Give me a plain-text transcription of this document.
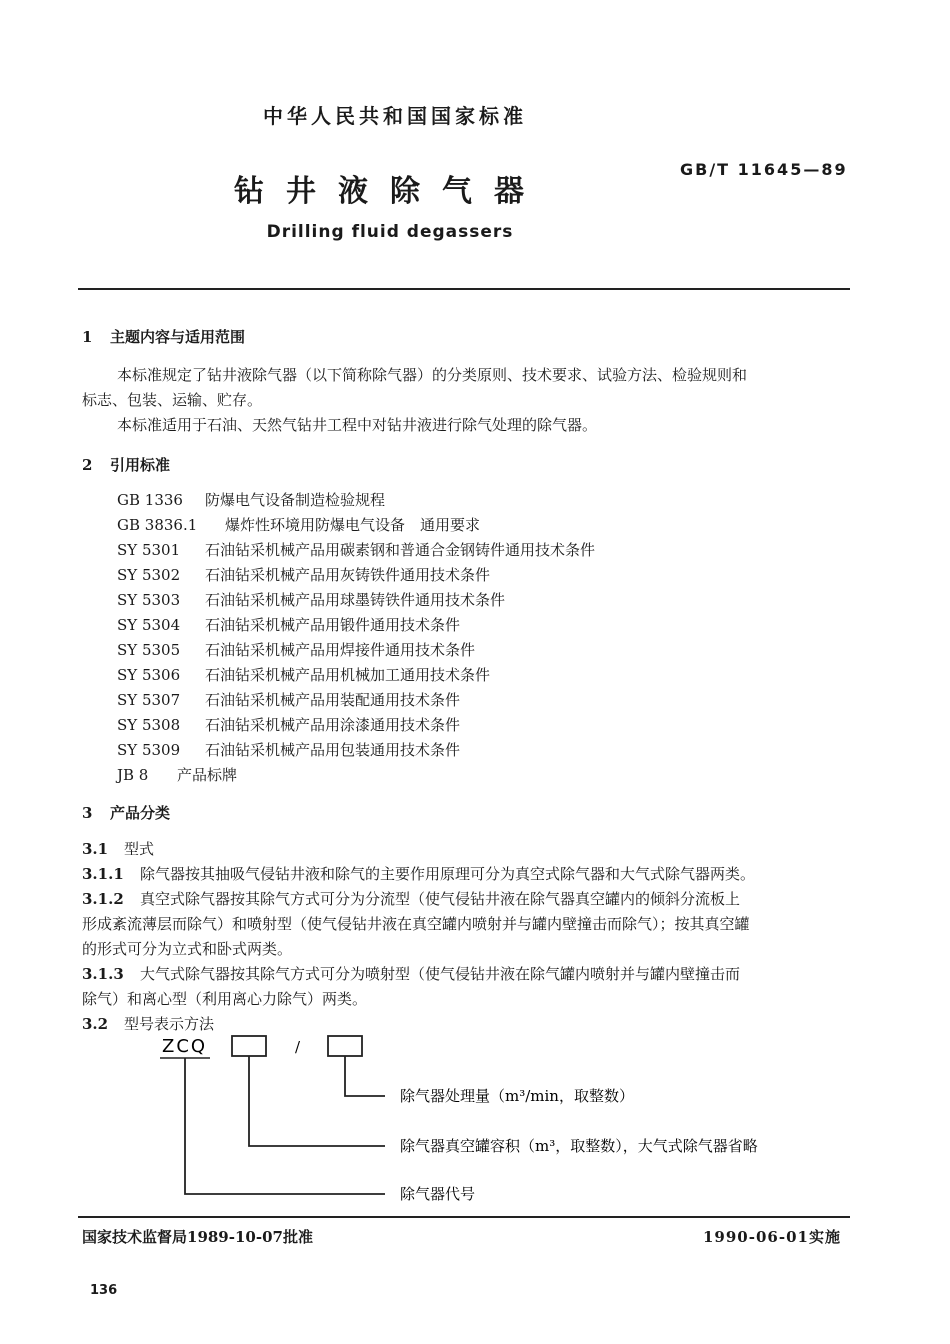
中华人民共和国国家标准
GB/T 11645—89
钻井液除气器
Drilling fluid degassers
1 主题内容与适用范围
本标准规定了钻井液除气器（以下简称除气器）的分类原则、技术要求、试验方法、检验规则和
标志、包装、运输、贮存。
本标准适用于石油、天然气钻井工程中对钻井液进行除气处理的除气器。
2 引用标准
GB 1336 防爆电气设备制造检验规程
GB 3836.1 爆炸性环境用防爆电气设备　通用要求
SY 5301 石油钻采机械产品用碳素钢和普通合金钢铸件通用技术条件
SY 5302 石油钻采机械产品用灰铸铁件通用技术条件
SY 5303 石油钻采机械产品用球墨铸铁件通用技术条件
SY 5304 石油钻采机械产品用锻件通用技术条件
SY 5305 石油钻采机械产品用焊接件通用技术条件
SY 5306 石油钻采机械产品用机械加工通用技术条件
SY 5307 石油钻采机械产品用装配通用技术条件
SY 5308 石油钻采机械产品用涂漆通用技术条件
SY 5309 石油钻采机械产品用包装通用技术条件
JB 8 产品标牌
3 产品分类
3.1 型式
3.1.1 除气器按其抽吸气侵钻井液和除气的主要作用原理可分为真空式除气器和大气式除气器两类。
3.1.2 真空式除气器按其除气方式可分为分流型（使气侵钻井液在除气器真空罐内的倾斜分流板上
形成紊流薄层而除气）和喷射型（使气侵钻井液在真空罐内喷射并与罐内壁撞击而除气）；按其真空罐
的形式可分为立式和卧式两类。
3.1.3 大气式除气器按其除气方式可分为喷射型（使气侵钻井液在除气罐内喷射并与罐内壁撞击而
除气）和离心型（利用离心力除气）两类。
3.2 型号表示方法
ZCQ	/
除气器处理量（m³/min，取整数）
除气器真空罐容积（m³，取整数），大气式除气器省略
除气器代号
国家技术监督局1989-10-07批准	1990-06-01实施
136
